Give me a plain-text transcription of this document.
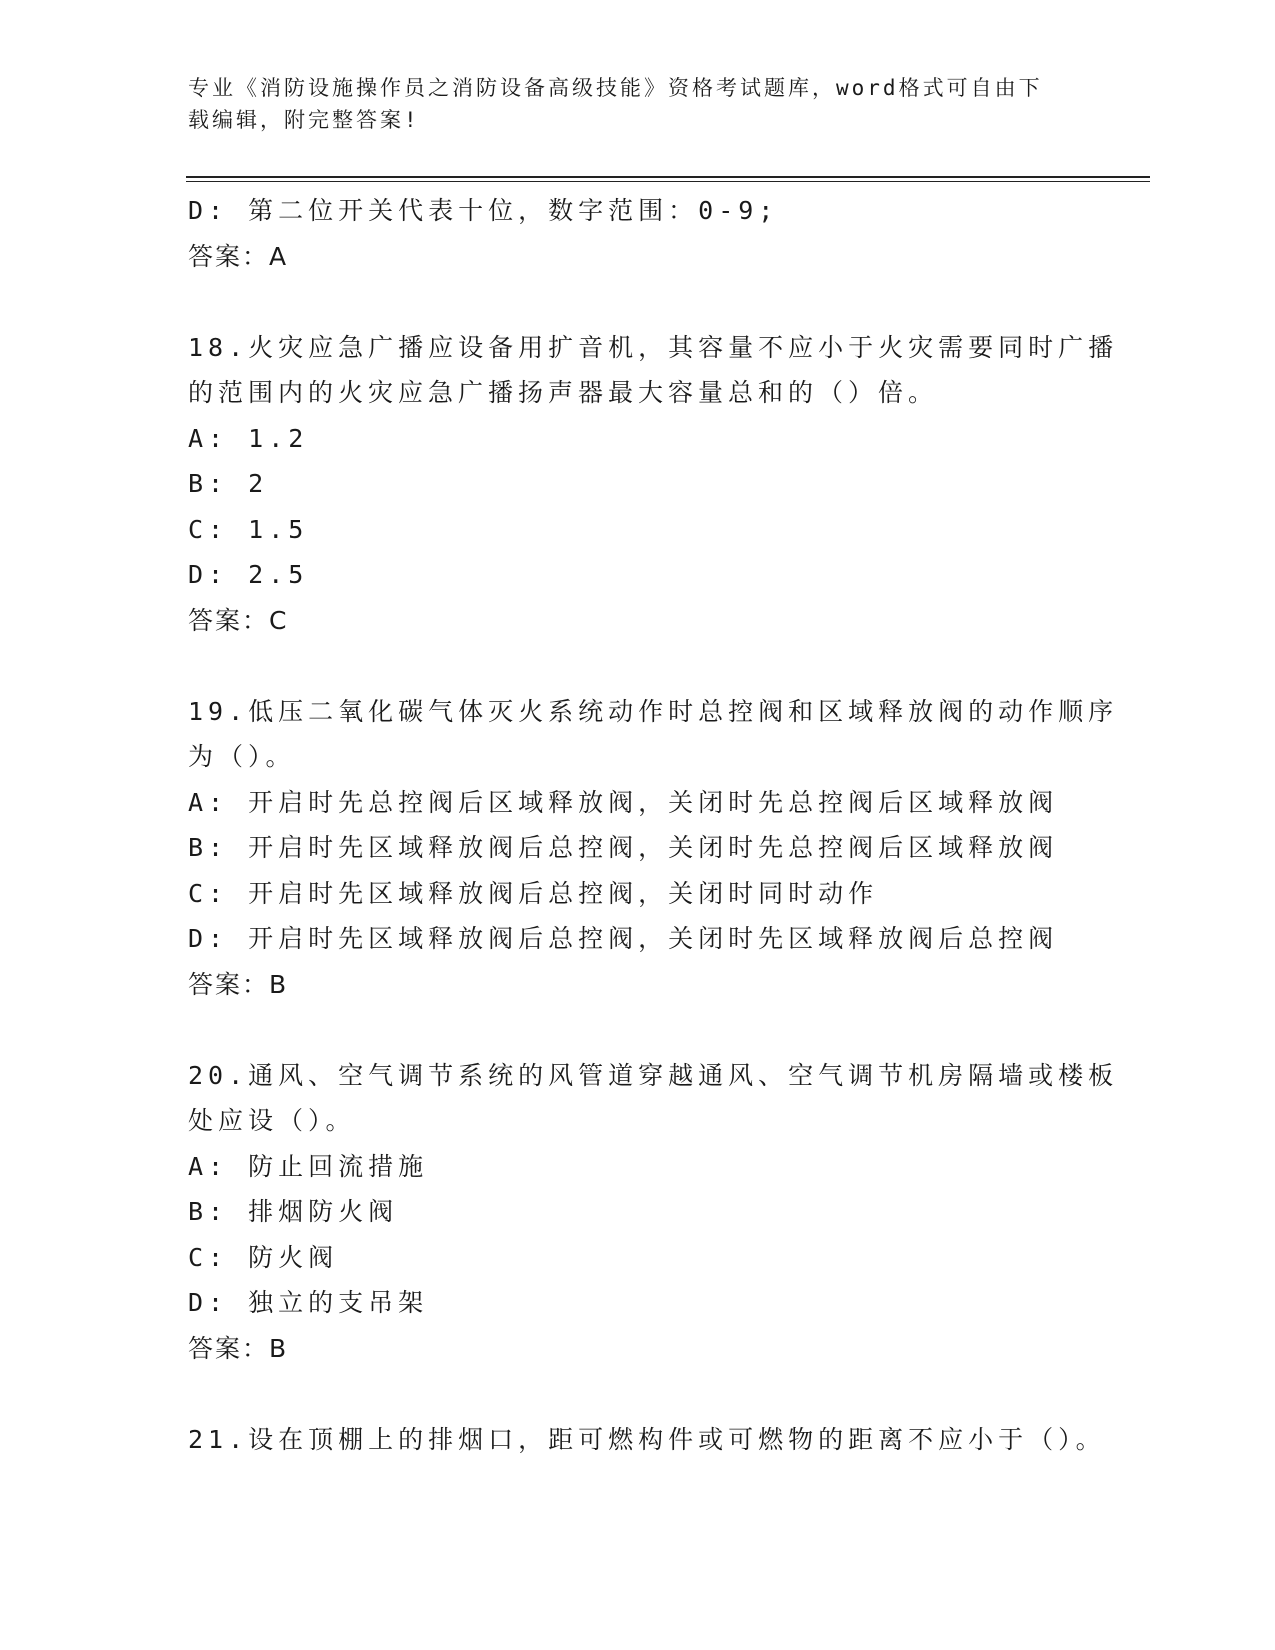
专业《消防设施操作员之消防设备高级技能》资格考试题库，word格式可自由下
载编辑，附完整答案!
D: 第二位开关代表十位，数字范围：0-9;
答案：A
18.火灾应急广播应设备用扩音机，其容量不应小于火灾需要同时广播
的范围内的火灾应急广播扬声器最大容量总和的（）倍。
A: 1.2
B: 2
C: 1.5
D: 2.5
答案：C
19.低压二氧化碳气体灭火系统动作时总控阀和区域释放阀的动作顺序
为（）。
A: 开启时先总控阀后区域释放阀，关闭时先总控阀后区域释放阀
B: 开启时先区域释放阀后总控阀，关闭时先总控阀后区域释放阀
C: 开启时先区域释放阀后总控阀，关闭时同时动作
D: 开启时先区域释放阀后总控阀，关闭时先区域释放阀后总控阀
答案：B
20.通风、空气调节系统的风管道穿越通风、空气调节机房隔墙或楼板
处应设（）。
A: 防止回流措施
B: 排烟防火阀
C: 防火阀
D: 独立的支吊架
答案：B
21.设在顶棚上的排烟口，距可燃构件或可燃物的距离不应小于（）。
